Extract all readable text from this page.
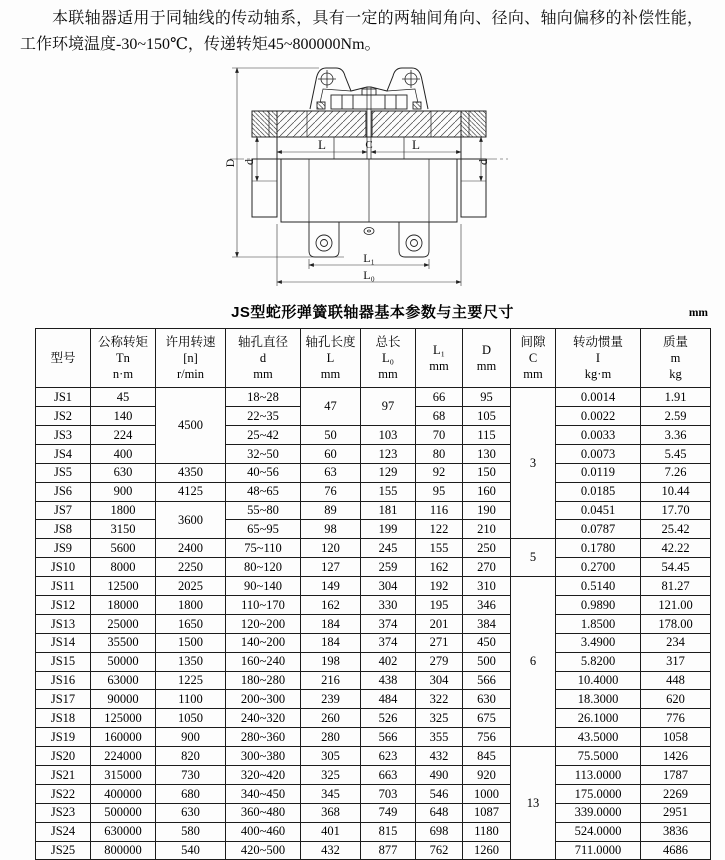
本联轴器适用于同轴线的传动轴系，具有一定的两轴间角向、径向、轴向偏移的补偿性能，工作环境温度-30~150℃，传递转矩45~800000Nm。

D d	d
L	C	L
L₁
L₀
JS型蛇形弹簧联轴器基本参数与主要尺寸	mm
型号	公称转矩
Tn
n·m	许用转速
[n]
r/min	轴孔直径
d
mm	轴孔长度
L
mm	总长
L₀
mm	L₁
mm	D
mm	间隙
C
mm	转动惯量
I
kg·m	质量
m
kg
JS1	45	4500	18~28	47	97	66	95	3	0.0014	1.91
JS2	140		22~35			68	105		0.0022	2.59
JS3	224		25~42	50	103	70	115		0.0033	3.36
JS4	400		32~50	60	123	80	130		0.0073	5.45
JS5	630	4350	40~56	63	129	92	150		0.0119	7.26
JS6	900	4125	48~65	76	155	95	160		0.0185	10.44
JS7	1800	3600	55~80	89	181	116	190		0.0451	17.70
JS8	3150		65~95	98	199	122	210		0.0787	25.42
JS9	5600	2400	75~110	120	245	155	250	5	0.1780	42.22
JS10	8000	2250	80~120	127	259	162	270		0.2700	54.45
JS11	12500	2025	90~140	149	304	192	310	6	0.5140	81.27
JS12	18000	1800	110~170	162	330	195	346		0.9890	121.00
JS13	25000	1650	120~200	184	374	201	384		1.8500	178.00
JS14	35500	1500	140~200	184	374	271	450		3.4900	234
JS15	50000	1350	160~240	198	402	279	500		5.8200	317
JS16	63000	1225	180~280	216	438	304	566		10.4000	448
JS17	90000	1100	200~300	239	484	322	630		18.3000	620
JS18	125000	1050	240~320	260	526	325	675		26.1000	776
JS19	160000	900	280~360	280	566	355	756		43.5000	1058
JS20	224000	820	300~380	305	623	432	845	13	75.5000	1426
JS21	315000	730	320~420	325	663	490	920		113.0000	1787
JS22	400000	680	340~450	345	703	546	1000		175.0000	2269
JS23	500000	630	360~480	368	749	648	1087		339.0000	2951
JS24	630000	580	400~460	401	815	698	1180		524.0000	3836
JS25	800000	540	420~500	432	877	762	1260		711.0000	4686
